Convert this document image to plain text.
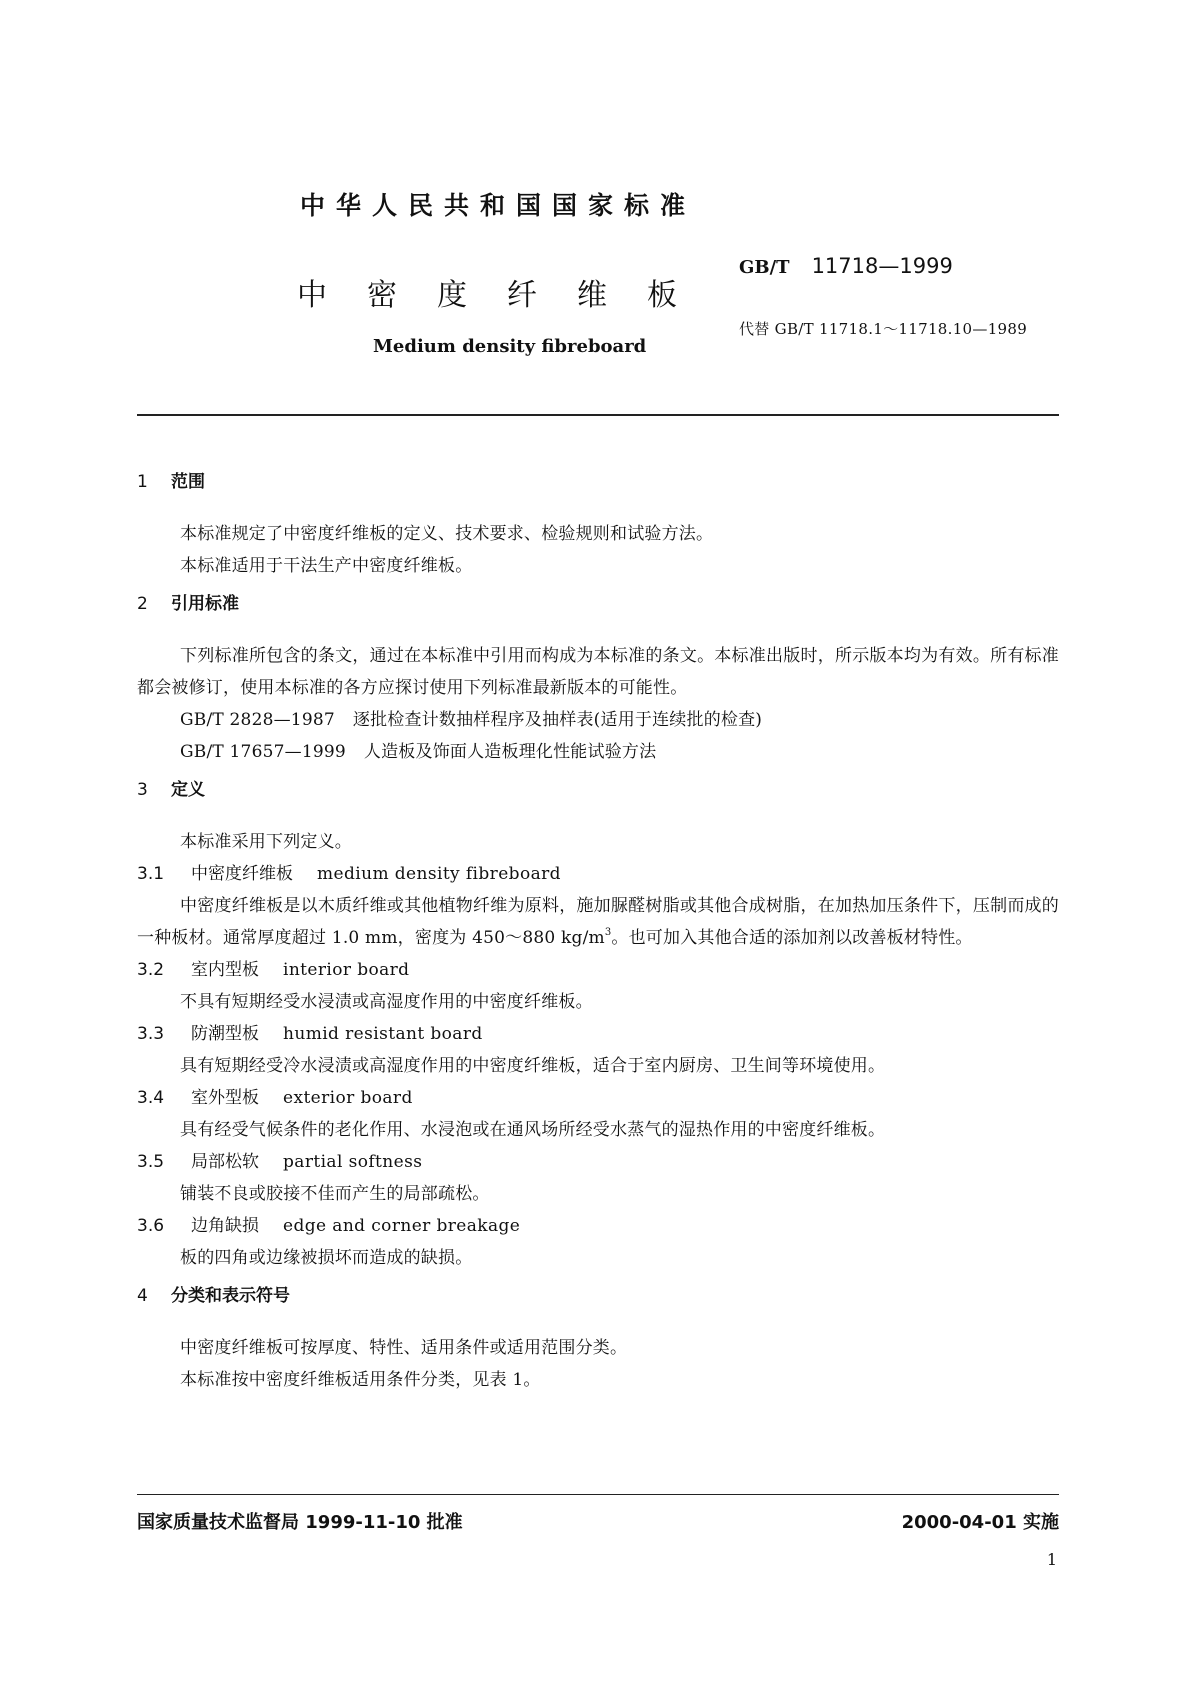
中华人民共和国国家标准
中密度纤维板
Medium density fibreboard
GB/T 11718—1999
代替 GB/T 11718.1～11718.10—1989
1 范围

本标准规定了中密度纤维板的定义、技术要求、检验规则和试验方法。

本标准适用于干法生产中密度纤维板。

2 引用标准

下列标准所包含的条文，通过在本标准中引用而构成为本标准的条文。本标准出版时，所示版本均为有效。所有标准都会被修订，使用本标准的各方应探讨使用下列标准最新版本的可能性。

GB/T 2828—1987 逐批检查计数抽样程序及抽样表(适用于连续批的检查)
GB/T 17657—1999 人造板及饰面人造板理化性能试验方法
3 定义

本标准采用下列定义。

3.1 中密度纤维板 medium density fibreboard

中密度纤维板是以木质纤维或其他植物纤维为原料，施加脲醛树脂或其他合成树脂，在加热加压条件下，压制而成的一种板材。通常厚度超过 1.0 mm，密度为 450～880 $kg/m^3$。也可加入其他合适的添加剂以改善板材特性。

3.2 室内型板 interior board

不具有短期经受水浸渍或高湿度作用的中密度纤维板。

3.3 防潮型板 humid resistant board

具有短期经受冷水浸渍或高湿度作用的中密度纤维板，适合于室内厨房、卫生间等环境使用。

3.4 室外型板 exterior board

具有经受气候条件的老化作用、水浸泡或在通风场所经受水蒸气的湿热作用的中密度纤维板。

3.5 局部松软 partial softness

铺装不良或胶接不佳而产生的局部疏松。

3.6 边角缺损 edge and corner breakage

板的四角或边缘被损坏而造成的缺损。

4 分类和表示符号

中密度纤维板可按厚度、特性、适用条件或适用范围分类。

本标准按中密度纤维板适用条件分类，见表 1。

国家质量技术监督局 1999-11-10 批准	2000-04-01 实施
1
